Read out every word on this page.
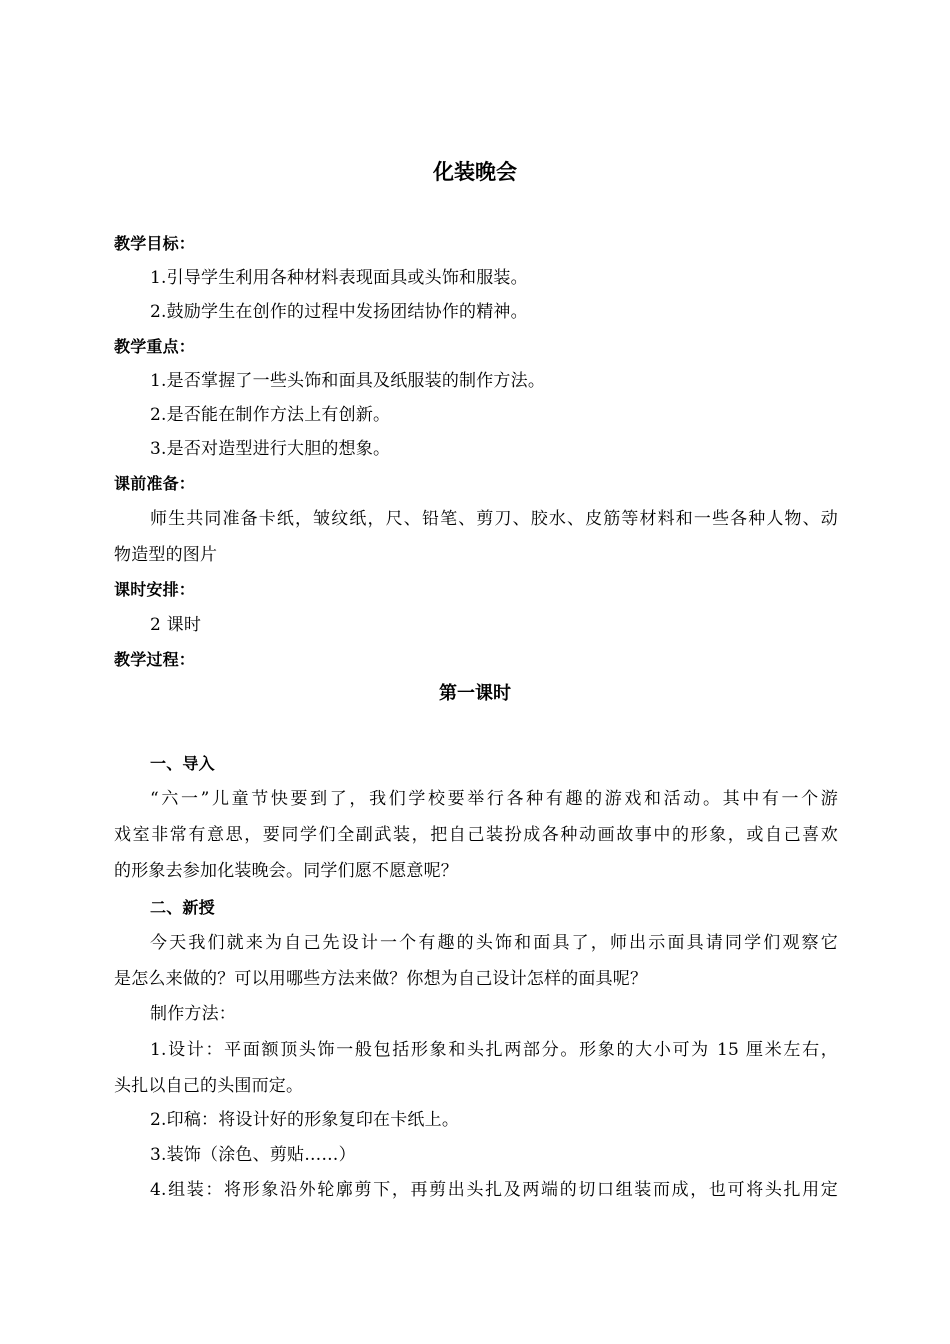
化装晚会
教学目标：
1.引导学生利用各种材料表现面具或头饰和服装。
2.鼓励学生在创作的过程中发扬团结协作的精神。
教学重点：
1.是否掌握了一些头饰和面具及纸服装的制作方法。
2.是否能在制作方法上有创新。
3.是否对造型进行大胆的想象。
课前准备：
师生共同准备卡纸，皱纹纸，尺、铅笔、剪刀、胶水、皮筋等材料和一些各种人物、动
物造型的图片
课时安排：
2 课时
教学过程：
第一课时
一、导入
“六一”儿童节快要到了，我们学校要举行各种有趣的游戏和活动。其中有一个游
戏室非常有意思，要同学们全副武装，把自己装扮成各种动画故事中的形象，或自己喜欢
的形象去参加化装晚会。同学们愿不愿意呢？
二、新授
今天我们就来为自己先设计一个有趣的头饰和面具了，师出示面具请同学们观察它
是怎么来做的？可以用哪些方法来做？你想为自己设计怎样的面具呢？
制作方法：
1.设计：平面额顶头饰一般包括形象和头扎两部分。形象的大小可为 15 厘米左右，
头扎以自己的头围而定。
2.印稿：将设计好的形象复印在卡纸上。
3.装饰（涂色、剪贴……）
4.组装：将形象沿外轮廓剪下，再剪出头扎及两端的切口组装而成，也可将头扎用定
